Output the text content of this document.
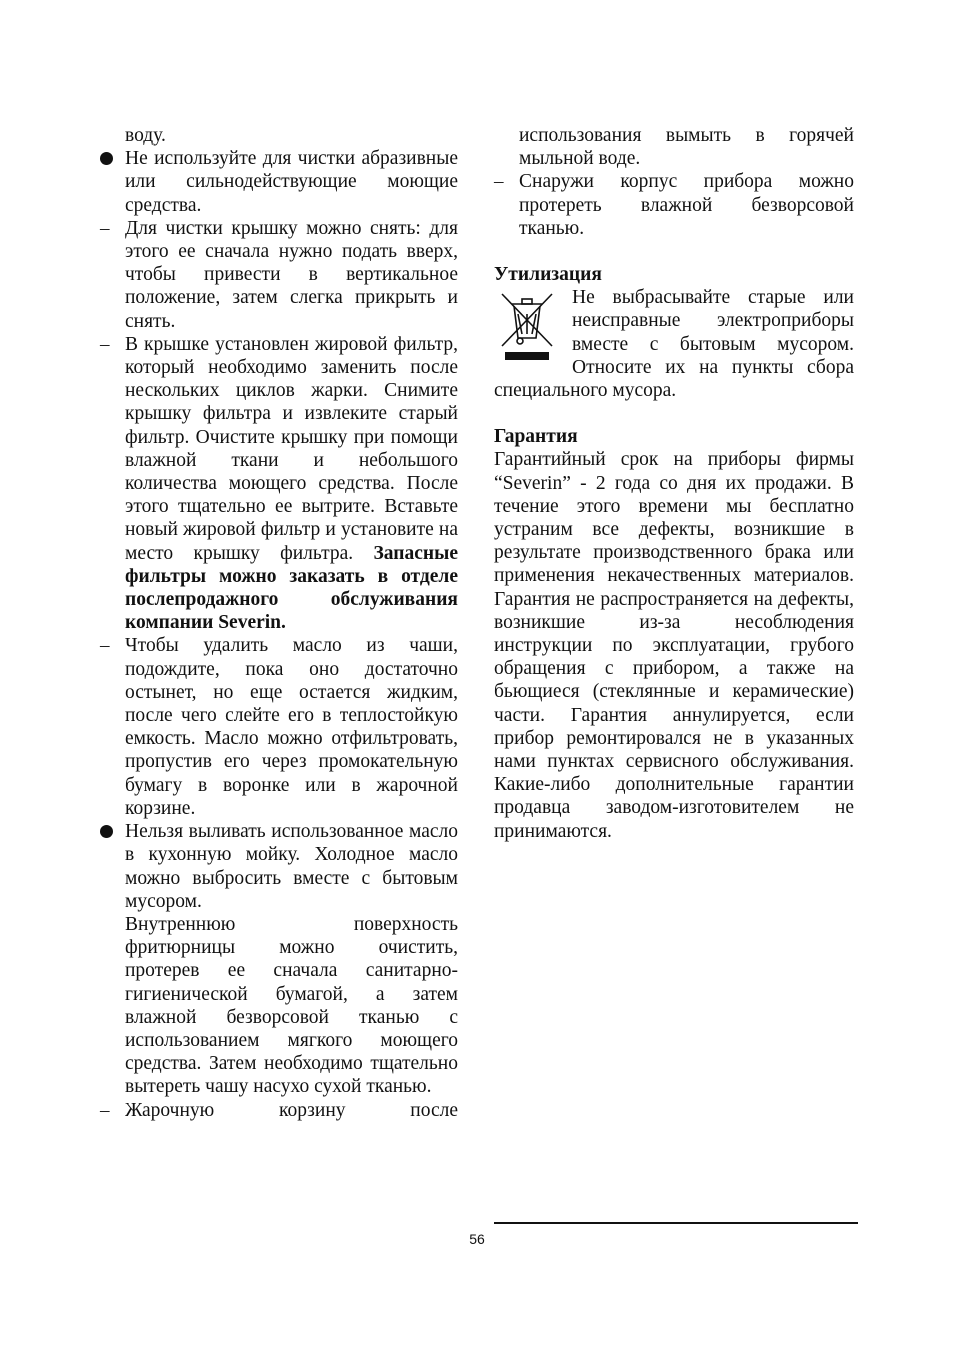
воду.
Не используйте для чистки абразивные или сильнодействующие моющие средства.
– Для чистки крышку можно снять: для этого ее сначала нужно подать вверх, чтобы привести в вертикальное положение, затем слегка прикрыть и снять.
– В крышке установлен жировой фильтр, который необходимо заменить после нескольких циклов жарки. Снимите крышку фильтра и извлеките старый фильтр. Очистите крышку при помощи влажной ткани и небольшого количества моющего средства. После этого тщательно ее вытрите. Вставьте новый жировой фильтр и установите на место крышку фильтра. Запасные фильтры можно заказать в отделе послепродажного обслуживания компании Severin.
– Чтобы удалить масло из чаши, подождите, пока оно достаточно остынет, но еще остается жидким, после чего слейте его в теплостойкую емкость. Масло можно отфильтровать, пропустив его через промокательную бумагу в воронке или в жарочной корзине.
Нельзя выливать использованное масло в кухонную мойку. Холодное масло можно выбросить вместе с бытовым мусором.
Внутреннюю поверхность фритюрницы можно очистить, протерев ее сначала санитарно-гигиенической бумагой, а затем влажной безворсовой тканью с использованием мягкого моющего средства. Затем необходимо тщательно вытереть чашу насухо сухой тканью.
– Жарочную корзину после
использования вымыть в горячей мыльной воде.
– Снаружи корпус прибора можно протереть влажной безворсовой тканью.
Утилизация
Не выбрасывайте старые или неисправные электроприборы вместе с бытовым мусором. Относите их на пункты сбора специального мусора.
Гарантия
Гарантийный срок на приборы фирмы “Severin” - 2 года со дня их продажи. В течение этого времени мы бесплатно устраним все дефекты, возникшие в результате производственного брака или применения некачественных материалов. Гарантия не распространяется на дефекты, возникшие из-за несоблюдения инструкции по эксплуатации, грубого обращения с прибором, а также на бьющиеся (стеклянные и керамические) части. Гарантия аннулируется, если прибор ремонтировался не в указанных нами пунктах сервисного обслуживания. Какие-либо дополнительные гарантии продавца заводом-изготовителем не принимаются.
56
